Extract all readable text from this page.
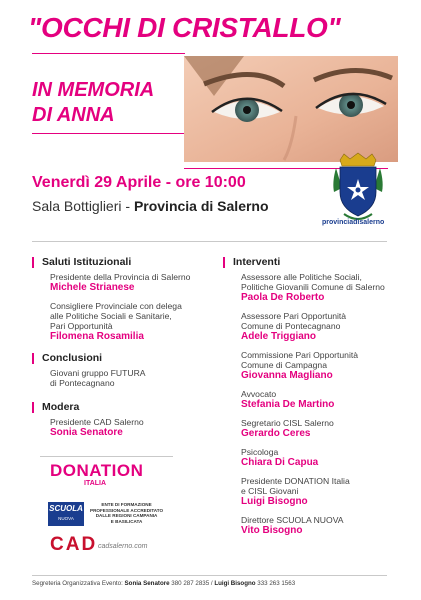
"OCCHI DI CRISTALLO"
IN MEMORIA
DI ANNA
Venerdì 29 Aprile - ore 10:00
Sala Bottiglieri - Provincia di Salerno
provinciadisalerno
Saluti Istituzionali
Presidente della Provincia di Salerno
Michele Strianese
Consigliere Provinciale con delega
alle Politiche Sociali e Sanitarie,
Pari Opportunità
Filomena Rosamilia
Conclusioni
Giovani gruppo FUTURA
di Pontecagnano
Modera
Presidente CAD Salerno
Sonia Senatore
Interventi
Assessore alle Politiche Sociali,
Politiche Giovanili Comune di Salerno
Paola De Roberto
Assessore Pari Opportunità
Comune di Pontecagnano
Adele Triggiano
Commissione Pari Opportunità
Comune di Campagna
Giovanna Magliano
Avvocato
Stefania De Martino
Segretario CISL Salerno
Gerardo Ceres
Psicologa
Chiara Di Capua
Presidente DONATION Italia
e CISL Giovani
Luigi Bisogno
Direttore SCUOLA NUOVA
Vito Bisogno
DONATION
ITALIA
SCUOLA
NUOVA
ENTE DI FORMAZIONE
PROFESSIONALE ACCREDITATO
DALLE REGIONI CAMPANIA
E BASILICATA
CAD cadsalerno.com
Segreteria Organizzativa Evento: Sonia Senatore 380 287 2835 / Luigi Bisogno 333 263 1563
